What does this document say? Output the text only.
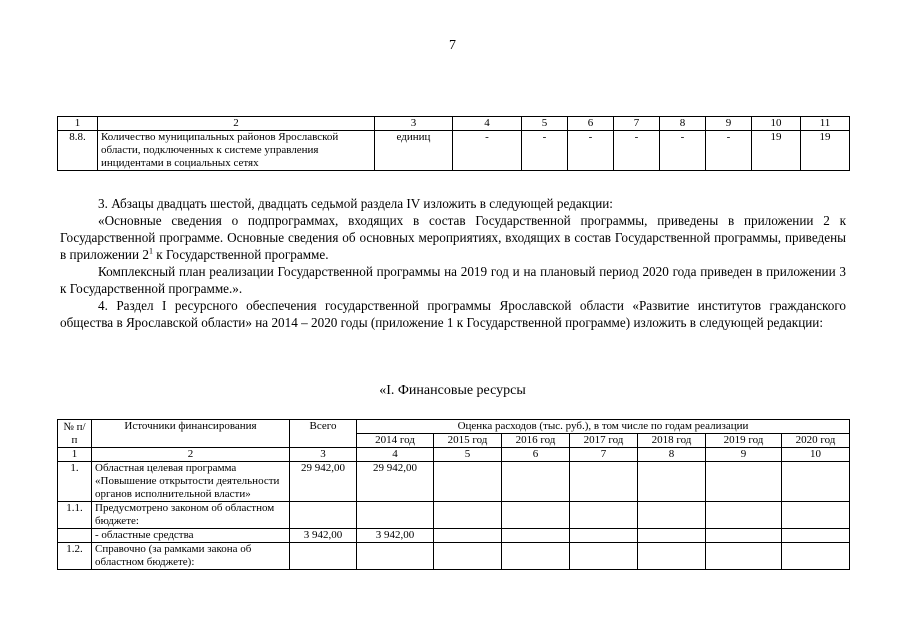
7
1	2	3	4	5	6	7	8	9	10	11
8.8.	Количество муниципальных районов Ярославской области, подключенных к системе управления инцидентами в социальных сетях	единиц	-	-	-	-	-	-	19	19
3. Абзацы двадцать шестой, двадцать седьмой раздела IV изложить в следующей редакции:
«Основные сведения о подпрограммах, входящих в состав Государственной программы, приведены в приложении 2 к Государственной программе. Основные сведения об основных мероприятиях, входящих в состав Государственной программы, приведены в приложении $2^1$ к Государственной программе.
Комплексный план реализации Государственной программы на 2019 год и на плановый период 2020 года приведен в приложении 3 к Государственной программе.».
4. Раздел I ресурсного обеспечения государственной программы Ярославской области «Развитие институтов гражданского общества в Ярославской области» на 2014 – 2020 годы (приложение 1 к Государственной программе) изложить в следующей редакции:
«I. Финансовые ресурсы
№ п/п	Источники финансирования	Всего	Оценка расходов (тыс. руб.), в том числе по годам реализации						
			2014 год	2015 год	2016 год	2017 год	2018 год	2019 год	2020 год
1	2	3	4	5	6	7	8	9	10
1.	Областная целевая программа «Повышение открытости деятельности органов исполнительной власти»	29 942,00	29 942,00						
1.1.	Предусмотрено законом об областном бюджете:								
	- областные средства	3 942,00	3 942,00						
1.2.	Справочно (за рамками закона об областном бюджете):								
